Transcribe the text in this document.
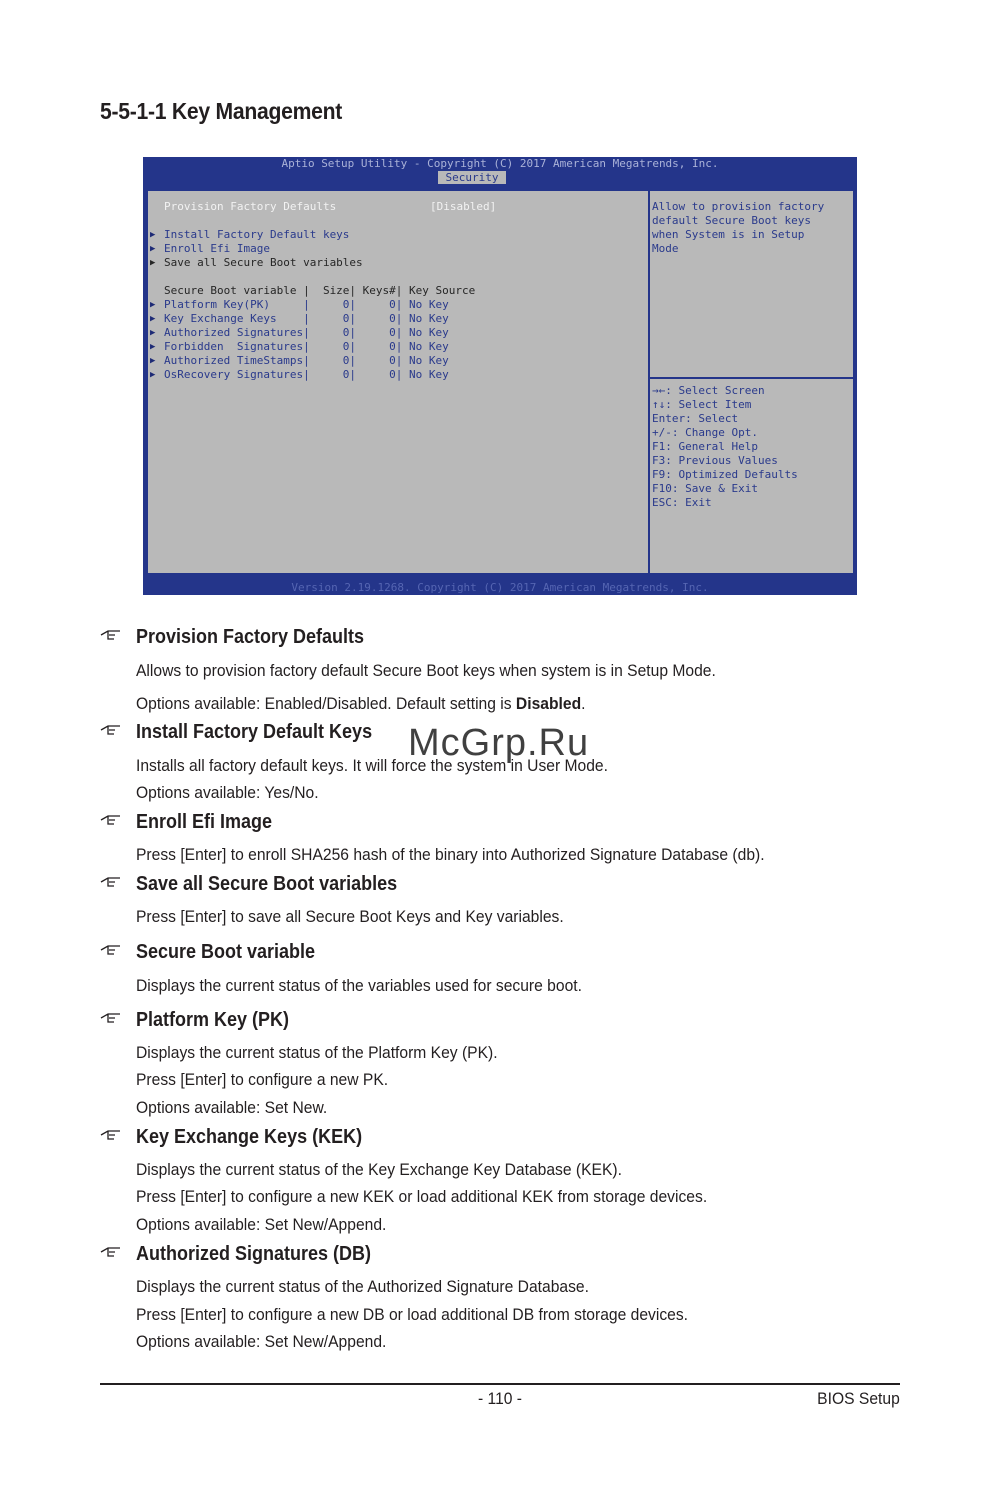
5-5-1-1 Key Management
Aptio Setup Utility - Copyright (C) 2017 American Megatrends, Inc.
Security
Provision Factory Defaults	[Disabled]
▶ Install Factory Default keys
▶ Enroll Efi Image
▶ Save all Secure Boot variables
Secure Boot variable |  Size| Keys#| Key Source
▶ Platform Key(PK)     |     0|     0| No Key
▶ Key Exchange Keys    |     0|     0| No Key
▶ Authorized Signatures|     0|     0| No Key
▶ Forbidden  Signatures|     0|     0| No Key
▶ Authorized TimeStamps|     0|     0| No Key
▶ OsRecovery Signatures|     0|     0| No Key
Allow to provision factory
default Secure Boot keys
when System is in Setup
Mode
→←: Select Screen
↑↓: Select Item
Enter: Select
+/-: Change Opt.
F1: General Help
F3: Previous Values
F9: Optimized Defaults
F10: Save & Exit
ESC: Exit
Version 2.19.1268. Copyright (C) 2017 American Megatrends, Inc.
Provision Factory Defaults
Allows to provision factory default Secure Boot keys when system is in Setup Mode.
Options available: Enabled/Disabled. Default setting is Disabled.
Install Factory Default Keys
Installs all factory default keys. It will force the system in User Mode.
Options available: Yes/No.
Enroll Efi Image
Press [Enter] to enroll SHA256 hash of the binary into Authorized Signature Database (db).
Save all Secure Boot variables
Press [Enter] to save all Secure Boot Keys and Key variables.
Secure Boot variable
Displays the current status of the variables used for secure boot.
Platform Key (PK)
Displays the current status of the Platform Key (PK).
Press [Enter] to configure a new PK.
Options available: Set New.
Key Exchange Keys (KEK)
Displays the current status of the Key Exchange Key Database (KEK).
Press [Enter] to configure a new KEK or load additional KEK from storage devices.
Options available: Set New/Append.
Authorized Signatures (DB)
Displays the current status of the Authorized Signature Database.
Press [Enter] to configure a new DB or load additional DB from storage devices.
Options available: Set New/Append.
McGrp.Ru
- 110 -	BIOS Setup
